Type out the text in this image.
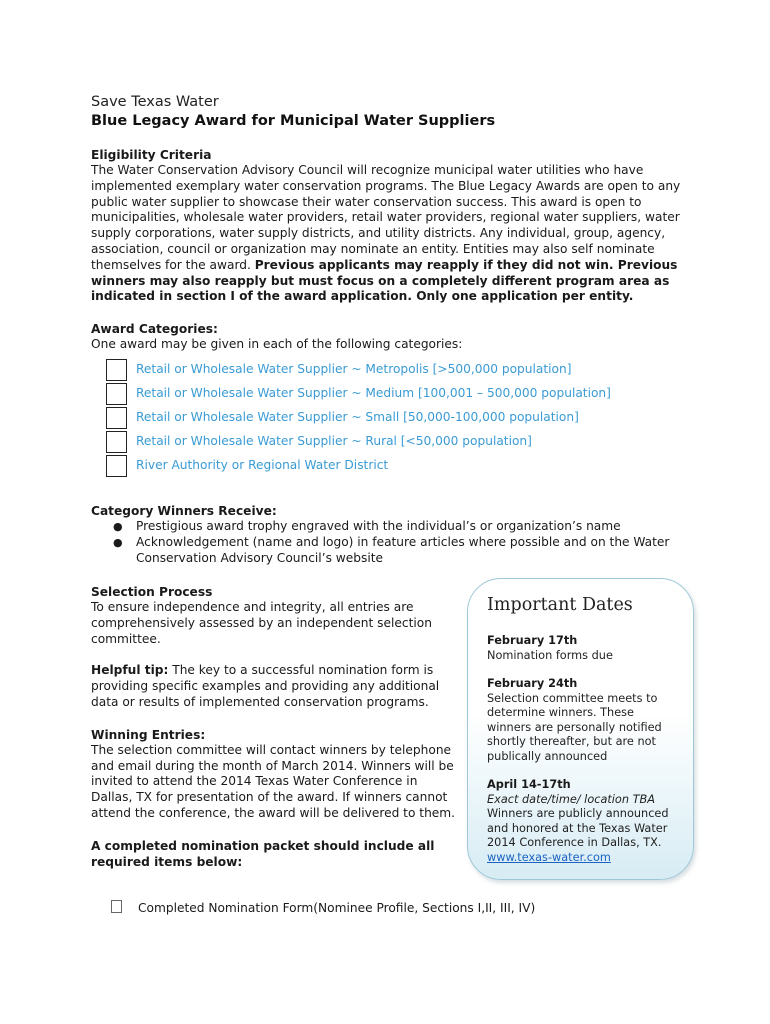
Save Texas Water
Blue Legacy Award for Municipal Water Suppliers
Eligibility Criteria
The Water Conservation Advisory Council will recognize municipal water utilities who have implemented exemplary water conservation programs. The Blue Legacy Awards are open to any public water supplier to showcase their water conservation success. This award is open to municipalities, wholesale water providers, retail water providers, regional water suppliers, water supply corporations, water supply districts, and utility districts. Any individual, group, agency, association, council or organization may nominate an entity. Entities may also self nominate themselves for the award. Previous applicants may reapply if they did not win. Previous winners may also reapply but must focus on a completely different program area as indicated in section I of the award application. Only one application per entity.
Award Categories:
One award may be given in each of the following categories:
Retail or Wholesale Water Supplier ~ Metropolis [>500,000 population]
Retail or Wholesale Water Supplier ~ Medium [100,001 – 500,000 population]
Retail or Wholesale Water Supplier ~ Small [50,000-100,000 population]
Retail or Wholesale Water Supplier ~ Rural [<50,000 population]
River Authority or Regional Water District
Category Winners Receive:
● Prestigious award trophy engraved with the individual’s or organization’s name
● Acknowledgement (name and logo) in feature articles where possible and on the Water Conservation Advisory Council’s website
Selection Process
To ensure independence and integrity, all entries are comprehensively assessed by an independent selection committee.
Helpful tip: The key to a successful nomination form is providing specific examples and providing any additional data or results of implemented conservation programs.
Winning Entries:
The selection committee will contact winners by telephone and email during the month of March 2014. Winners will be invited to attend the 2014 Texas Water Conference in Dallas, TX for presentation of the award. If winners cannot attend the conference, the award will be delivered to them.
A completed nomination packet should include all required items below:
Important Dates
February 17th
Nomination forms due
February 24th
Selection committee meets to determine winners. These winners are personally notified shortly thereafter, but are not publically announced
April 14-17th
Exact date/time/ location TBA
Winners are publicly announced and honored at the Texas Water 2014 Conference in Dallas, TX.
www.texas-water.com
Completed Nomination Form(Nominee Profile, Sections I,II, III, IV)
